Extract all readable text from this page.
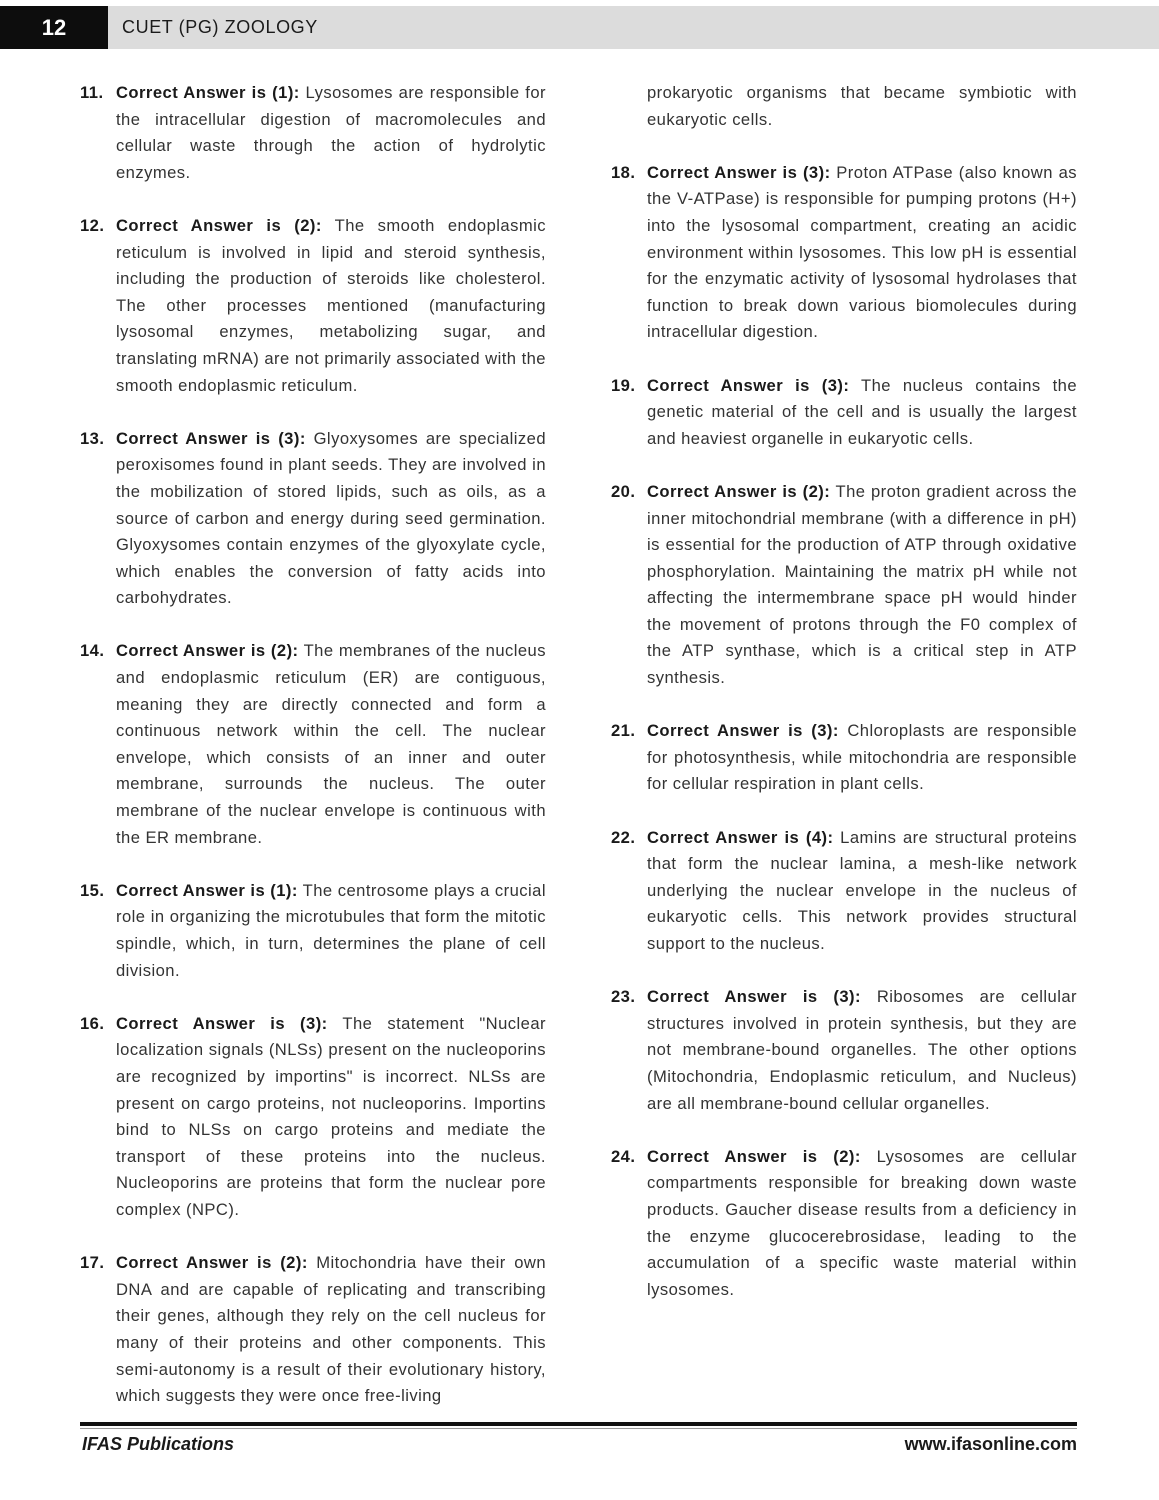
12	CUET (PG) ZOOLOGY

11. Correct Answer is (1): Lysosomes are responsible for the intracellular digestion of macromolecules and cellular waste through the action of hydrolytic enzymes.

12. Correct Answer is (2): The smooth endoplasmic reticulum is involved in lipid and steroid synthesis, including the production of steroids like cholesterol. The other processes mentioned (manufacturing lysosomal enzymes, metabolizing sugar, and translating mRNA) are not primarily associated with the smooth endoplasmic reticulum.

13. Correct Answer is (3): Glyoxysomes are specialized peroxisomes found in plant seeds. They are involved in the mobilization of stored lipids, such as oils, as a source of carbon and energy during seed germination. Glyoxysomes contain enzymes of the glyoxylate cycle, which enables the conversion of fatty acids into carbohydrates.

14. Correct Answer is (2): The membranes of the nucleus and endoplasmic reticulum (ER) are contiguous, meaning they are directly connected and form a continuous network within the cell. The nuclear envelope, which consists of an inner and outer membrane, surrounds the nucleus. The outer membrane of the nuclear envelope is continuous with the ER membrane.

15. Correct Answer is (1): The centrosome plays a crucial role in organizing the microtubules that form the mitotic spindle, which, in turn, determines the plane of cell division.

16. Correct Answer is (3): The statement "Nuclear localization signals (NLSs) present on the nucleoporins are recognized by importins" is incorrect. NLSs are present on cargo proteins, not nucleoporins. Importins bind to NLSs on cargo proteins and mediate the transport of these proteins into the nucleus. Nucleoporins are proteins that form the nuclear pore complex (NPC).

17. Correct Answer is (2): Mitochondria have their own DNA and are capable of replicating and transcribing their genes, although they rely on the cell nucleus for many of their proteins and other components. This semi-autonomy is a result of their evolutionary history, which suggests they were once free-living

prokaryotic organisms that became symbiotic with eukaryotic cells.

18. Correct Answer is (3): Proton ATPase (also known as the V-ATPase) is responsible for pumping protons (H+) into the lysosomal compartment, creating an acidic environment within lysosomes. This low pH is essential for the enzymatic activity of lysosomal hydrolases that function to break down various biomolecules during intracellular digestion.

19. Correct Answer is (3): The nucleus contains the genetic material of the cell and is usually the largest and heaviest organelle in eukaryotic cells.

20. Correct Answer is (2): The proton gradient across the inner mitochondrial membrane (with a difference in pH) is essential for the production of ATP through oxidative phosphorylation. Maintaining the matrix pH while not affecting the intermembrane space pH would hinder the movement of protons through the F0 complex of the ATP synthase, which is a critical step in ATP synthesis.

21. Correct Answer is (3): Chloroplasts are responsible for photosynthesis, while mitochondria are responsible for cellular respiration in plant cells.

22. Correct Answer is (4): Lamins are structural proteins that form the nuclear lamina, a mesh-like network underlying the nuclear envelope in the nucleus of eukaryotic cells. This network provides structural support to the nucleus.

23. Correct Answer is (3): Ribosomes are cellular structures involved in protein synthesis, but they are not membrane-bound organelles. The other options (Mitochondria, Endoplasmic reticulum, and Nucleus) are all membrane-bound cellular organelles.

24. Correct Answer is (2): Lysosomes are cellular compartments responsible for breaking down waste products. Gaucher disease results from a deficiency in the enzyme glucocerebrosidase, leading to the accumulation of a specific waste material within lysosomes.

IFAS Publications	www.ifasonline.com
